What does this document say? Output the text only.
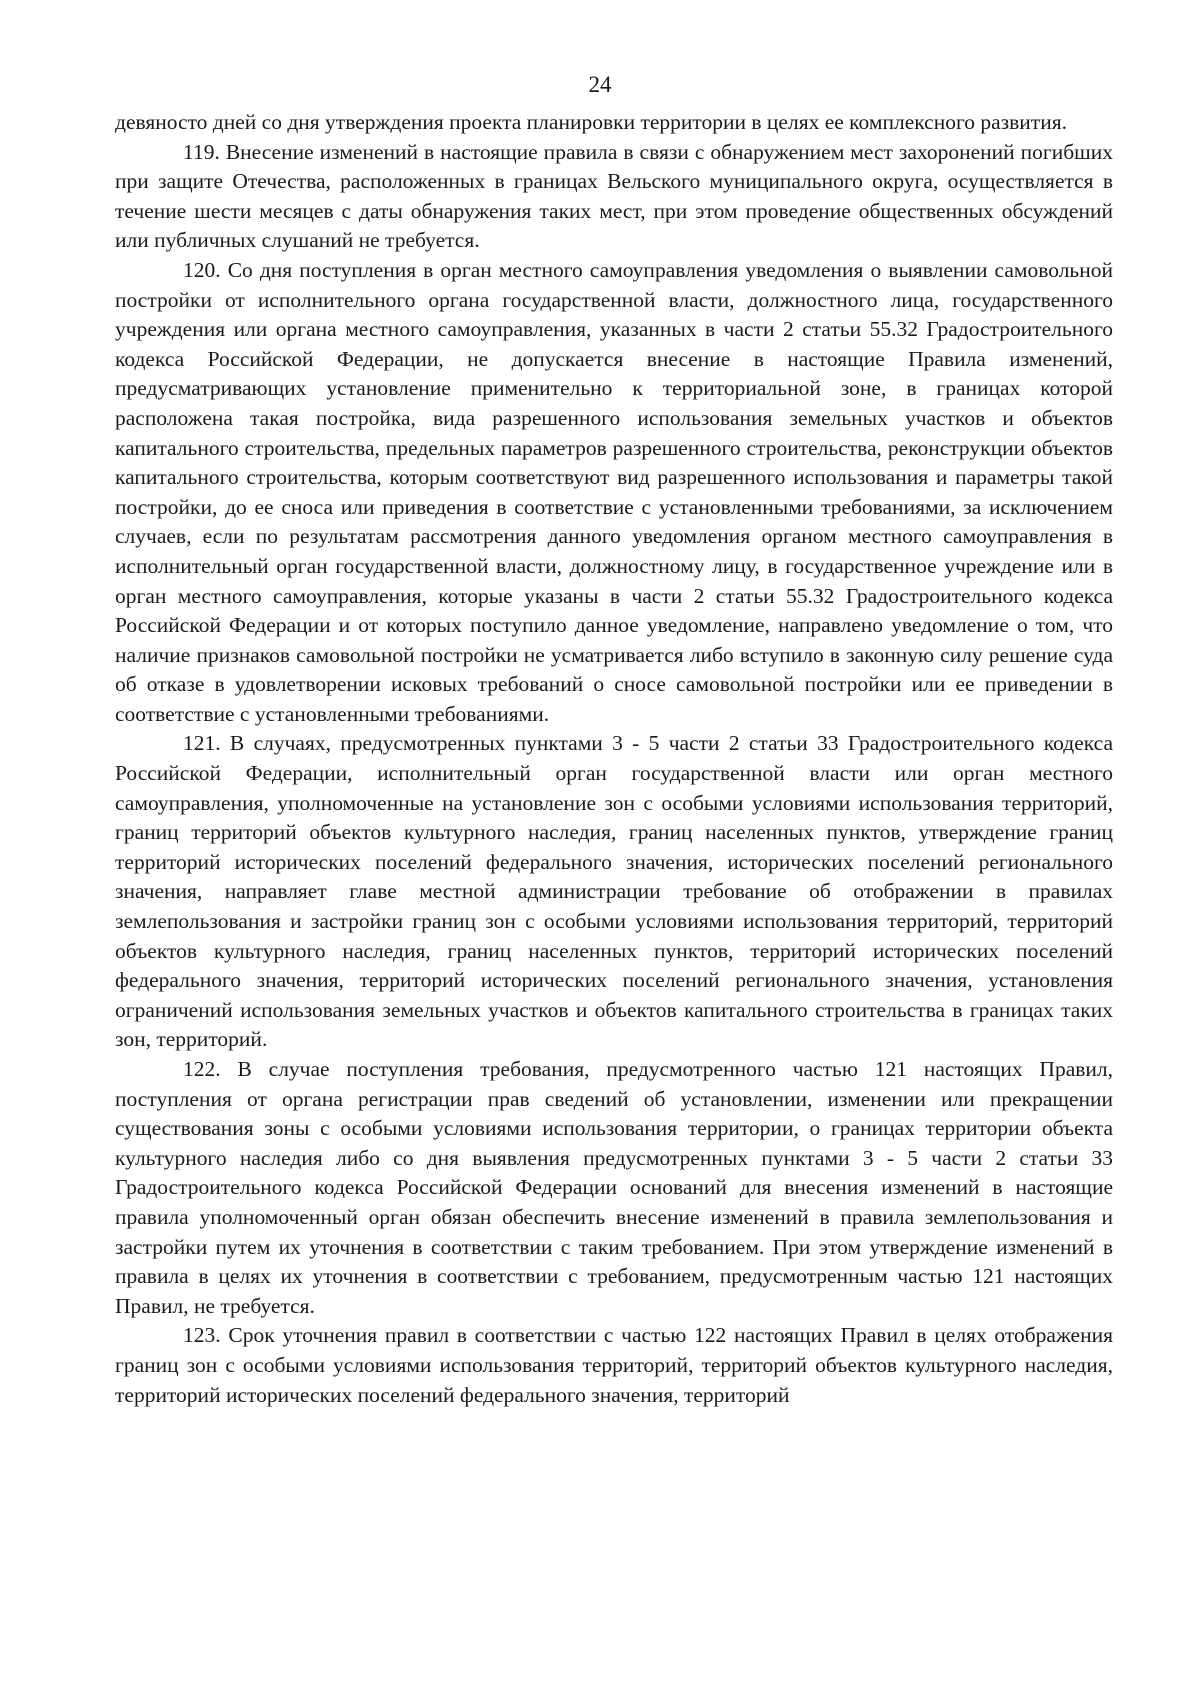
24

девяносто дней со дня утверждения проекта планировки территории в целях ее комплексного развития.

119. Внесение изменений в настоящие правила в связи с обнаружением мест захоронений погибших при защите Отечества, расположенных в границах Вельского муниципального округа, осуществляется в течение шести месяцев с даты обнаружения таких мест, при этом проведение общественных обсуждений или публичных слушаний не требуется.

120. Со дня поступления в орган местного самоуправления уведомления о выявлении самовольной постройки от исполнительного органа государственной власти, должностного лица, государственного учреждения или органа местного самоуправления, указанных в части 2 статьи 55.32 Градостроительного кодекса Российской Федерации, не допускается внесение в настоящие Правила изменений, предусматривающих установление применительно к территориальной зоне, в границах которой расположена такая постройка, вида разрешенного использования земельных участков и объектов капитального строительства, предельных параметров разрешенного строительства, реконструкции объектов капитального строительства, которым соответствуют вид разрешенного использования и параметры такой постройки, до ее сноса или приведения в соответствие с установленными требованиями, за исключением случаев, если по результатам рассмотрения данного уведомления органом местного самоуправления в исполнительный орган государственной власти, должностному лицу, в государственное учреждение или в орган местного самоуправления, которые указаны в части 2 статьи 55.32 Градостроительного кодекса Российской Федерации и от которых поступило данное уведомление, направлено уведомление о том, что наличие признаков самовольной постройки не усматривается либо вступило в законную силу решение суда об отказе в удовлетворении исковых требований о сносе самовольной постройки или ее приведении в соответствие с установленными требованиями.

121. В случаях, предусмотренных пунктами 3 - 5 части 2 статьи 33 Градостроительного кодекса Российской Федерации, исполнительный орган государственной власти или орган местного самоуправления, уполномоченные на установление зон с особыми условиями использования территорий, границ территорий объектов культурного наследия, границ населенных пунктов, утверждение границ территорий исторических поселений федерального значения, исторических поселений регионального значения, направляет главе местной администрации требование об отображении в правилах землепользования и застройки границ зон с особыми условиями использования территорий, территорий объектов культурного наследия, границ населенных пунктов, территорий исторических поселений федерального значения, территорий исторических поселений регионального значения, установления ограничений использования земельных участков и объектов капитального строительства в границах таких зон, территорий.

122. В случае поступления требования, предусмотренного частью 121 настоящих Правил, поступления от органа регистрации прав сведений об установлении, изменении или прекращении существования зоны с особыми условиями использования территории, о границах территории объекта культурного наследия либо со дня выявления предусмотренных пунктами 3 - 5 части 2 статьи 33 Градостроительного кодекса Российской Федерации оснований для внесения изменений в настоящие правила уполномоченный орган обязан обеспечить внесение изменений в правила землепользования и застройки путем их уточнения в соответствии с таким требованием. При этом утверждение изменений в правила в целях их уточнения в соответствии с требованием, предусмотренным частью 121 настоящих Правил, не требуется.

123. Срок уточнения правил в соответствии с частью 122 настоящих Правил в целях отображения границ зон с особыми условиями использования территорий, территорий объектов культурного наследия, территорий исторических поселений федерального значения, территорий
